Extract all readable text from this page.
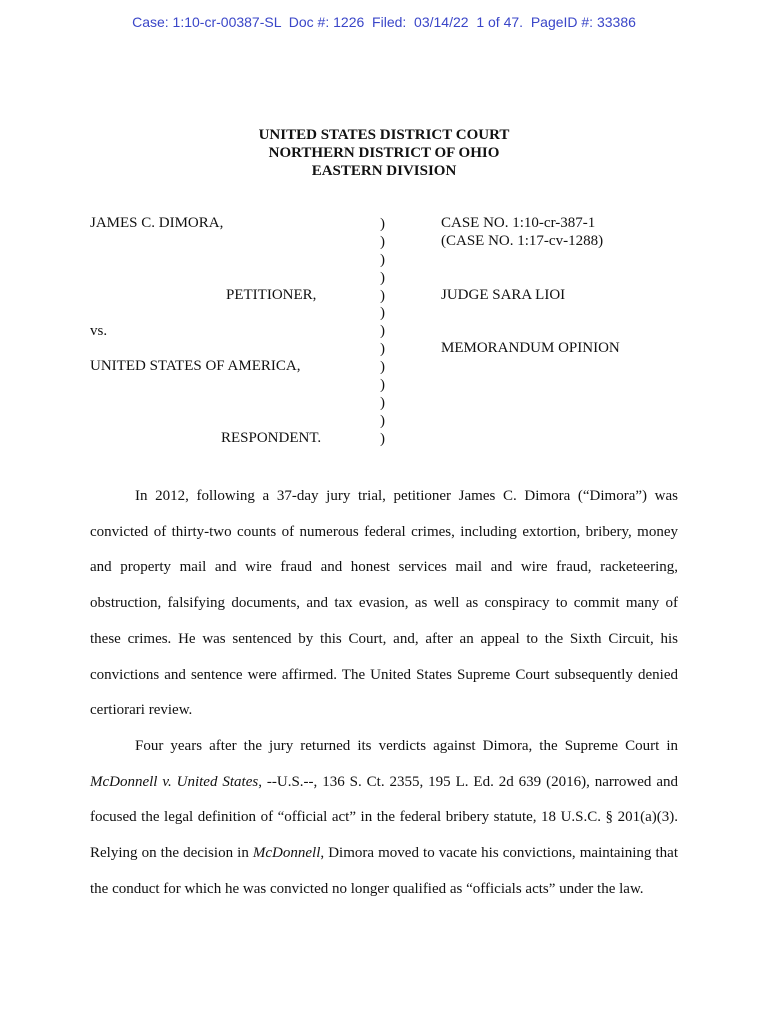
Case: 1:10-cr-00387-SL  Doc #: 1226  Filed:  03/14/22  1 of 47.  PageID #: 33386
UNITED STATES DISTRICT COURT
NORTHERN DISTRICT OF OHIO
EASTERN DIVISION
JAMES C. DIMORA,
PETITIONER,
vs.
UNITED STATES OF AMERICA,
RESPONDENT.
)
)
)
)
)
)
)
)
)
)
)
)
)
CASE NO. 1:10-cr-387-1
(CASE NO. 1:17-cv-1288)
JUDGE SARA LIOI
MEMORANDUM OPINION

In 2012, following a 37-day jury trial, petitioner James C. Dimora (“Dimora”) was convicted of thirty-two counts of numerous federal crimes, including extortion, bribery, money and property mail and wire fraud and honest services mail and wire fraud, racketeering, obstruction, falsifying documents, and tax evasion, as well as conspiracy to commit many of these crimes. He was sentenced by this Court, and, after an appeal to the Sixth Circuit, his convictions and sentence were affirmed. The United States Supreme Court subsequently denied certiorari review.

Four years after the jury returned its verdicts against Dimora, the Supreme Court in McDonnell v. United States, --U.S.--, 136 S. Ct. 2355, 195 L. Ed. 2d 639 (2016), narrowed and focused the legal definition of “official act” in the federal bribery statute, 18 U.S.C. § 201(a)(3). Relying on the decision in McDonnell, Dimora moved to vacate his convictions, maintaining that the conduct for which he was convicted no longer qualified as “officials acts” under the law.
